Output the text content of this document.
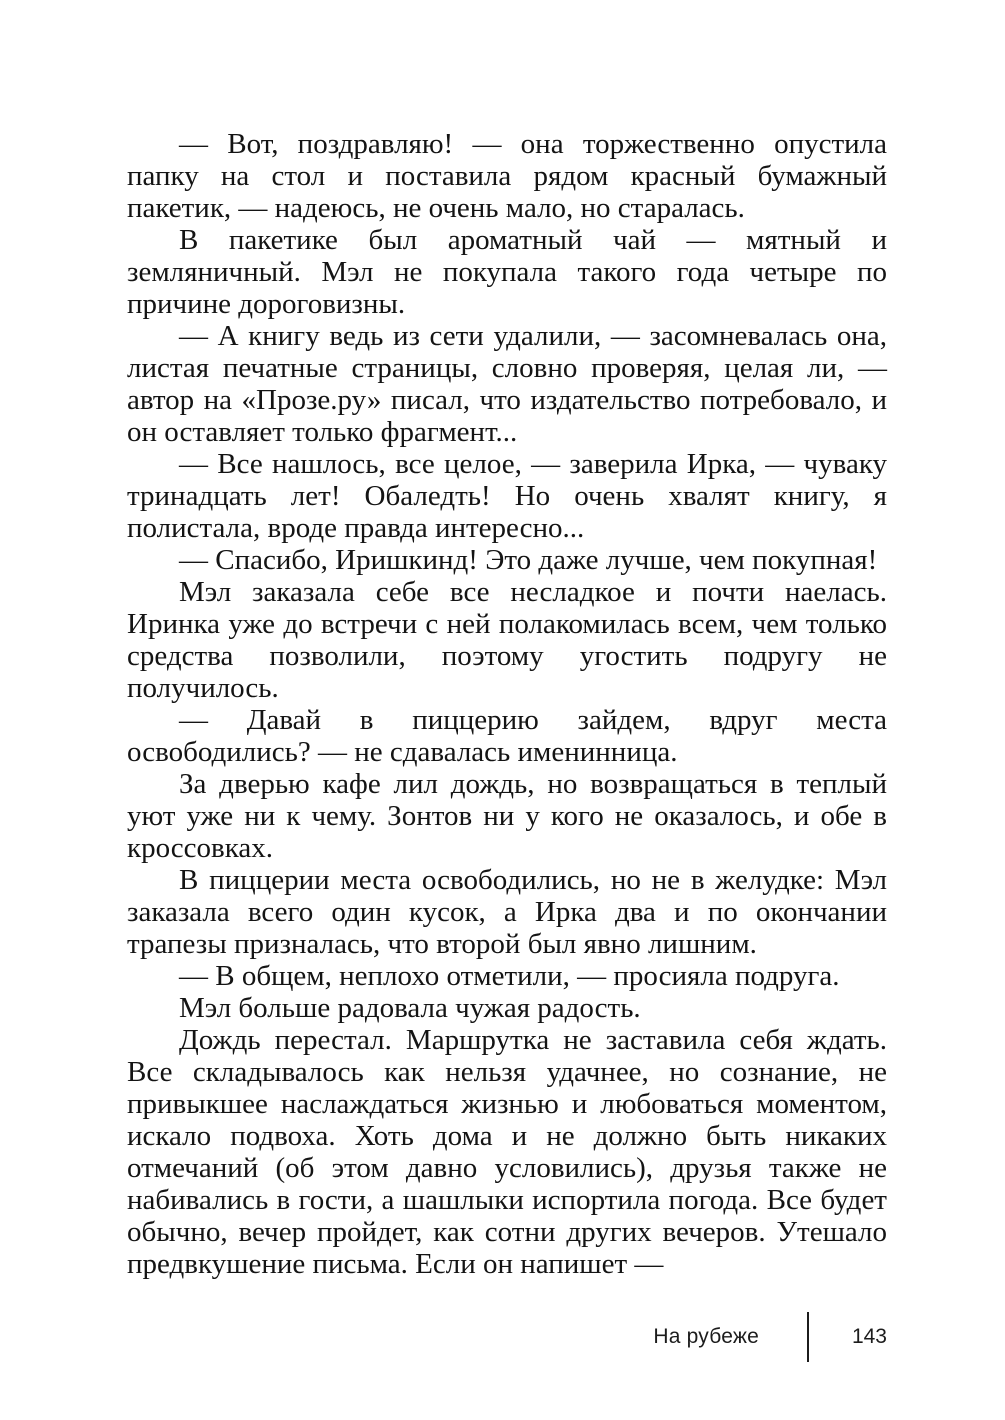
— Вот, поздравляю! — она торжественно опустила папку на стол и поставила рядом красный бумажный пакетик, — надеюсь, не очень мало, но старалась.

В пакетике был ароматный чай — мятный и земляничный. Мэл не покупала такого года четыре по причине дороговизны.

— А книгу ведь из сети удалили, — засомневалась она, листая печатные страницы, словно проверяя, целая ли, — автор на «Прозе.ру» писал, что издательство потребовало, и он оставляет только фрагмент...

— Все нашлось, все целое, — заверила Ирка, — чуваку тринадцать лет! Обаледть! Но очень хвалят книгу, я полистала, вроде правда интересно...

— Спасибо, Иришкинд! Это даже лучше, чем покупная!

Мэл заказала себе все несладкое и почти наелась. Иринка уже до встречи с ней полакомилась всем, чем только средства позволили, поэтому угостить подругу не получилось.

— Давай в пиццерию зайдем, вдруг места освободились? — не сдавалась именинница.

За дверью кафе лил дождь, но возвращаться в теплый уют уже ни к чему. Зонтов ни у кого не оказалось, и обе в кроссовках.

В пиццерии места освободились, но не в желудке: Мэл заказала всего один кусок, а Ирка два и по окончании трапезы призналась, что второй был явно лишним.

— В общем, неплохо отметили, — просияла подруга.

Мэл больше радовала чужая радость.

Дождь перестал. Маршрутка не заставила себя ждать. Все складывалось как нельзя удачнее, но сознание, не привыкшее наслаждаться жизнью и любоваться моментом, искало подвоха. Хоть дома и не должно быть никаких отмечаний (об этом давно условились), друзья также не набивались в гости, а шашлыки испортила погода. Все будет обычно, вечер пройдет, как сотни других вечеров. Утешало предвкушение письма. Если он напишет —

На рубеже	143
